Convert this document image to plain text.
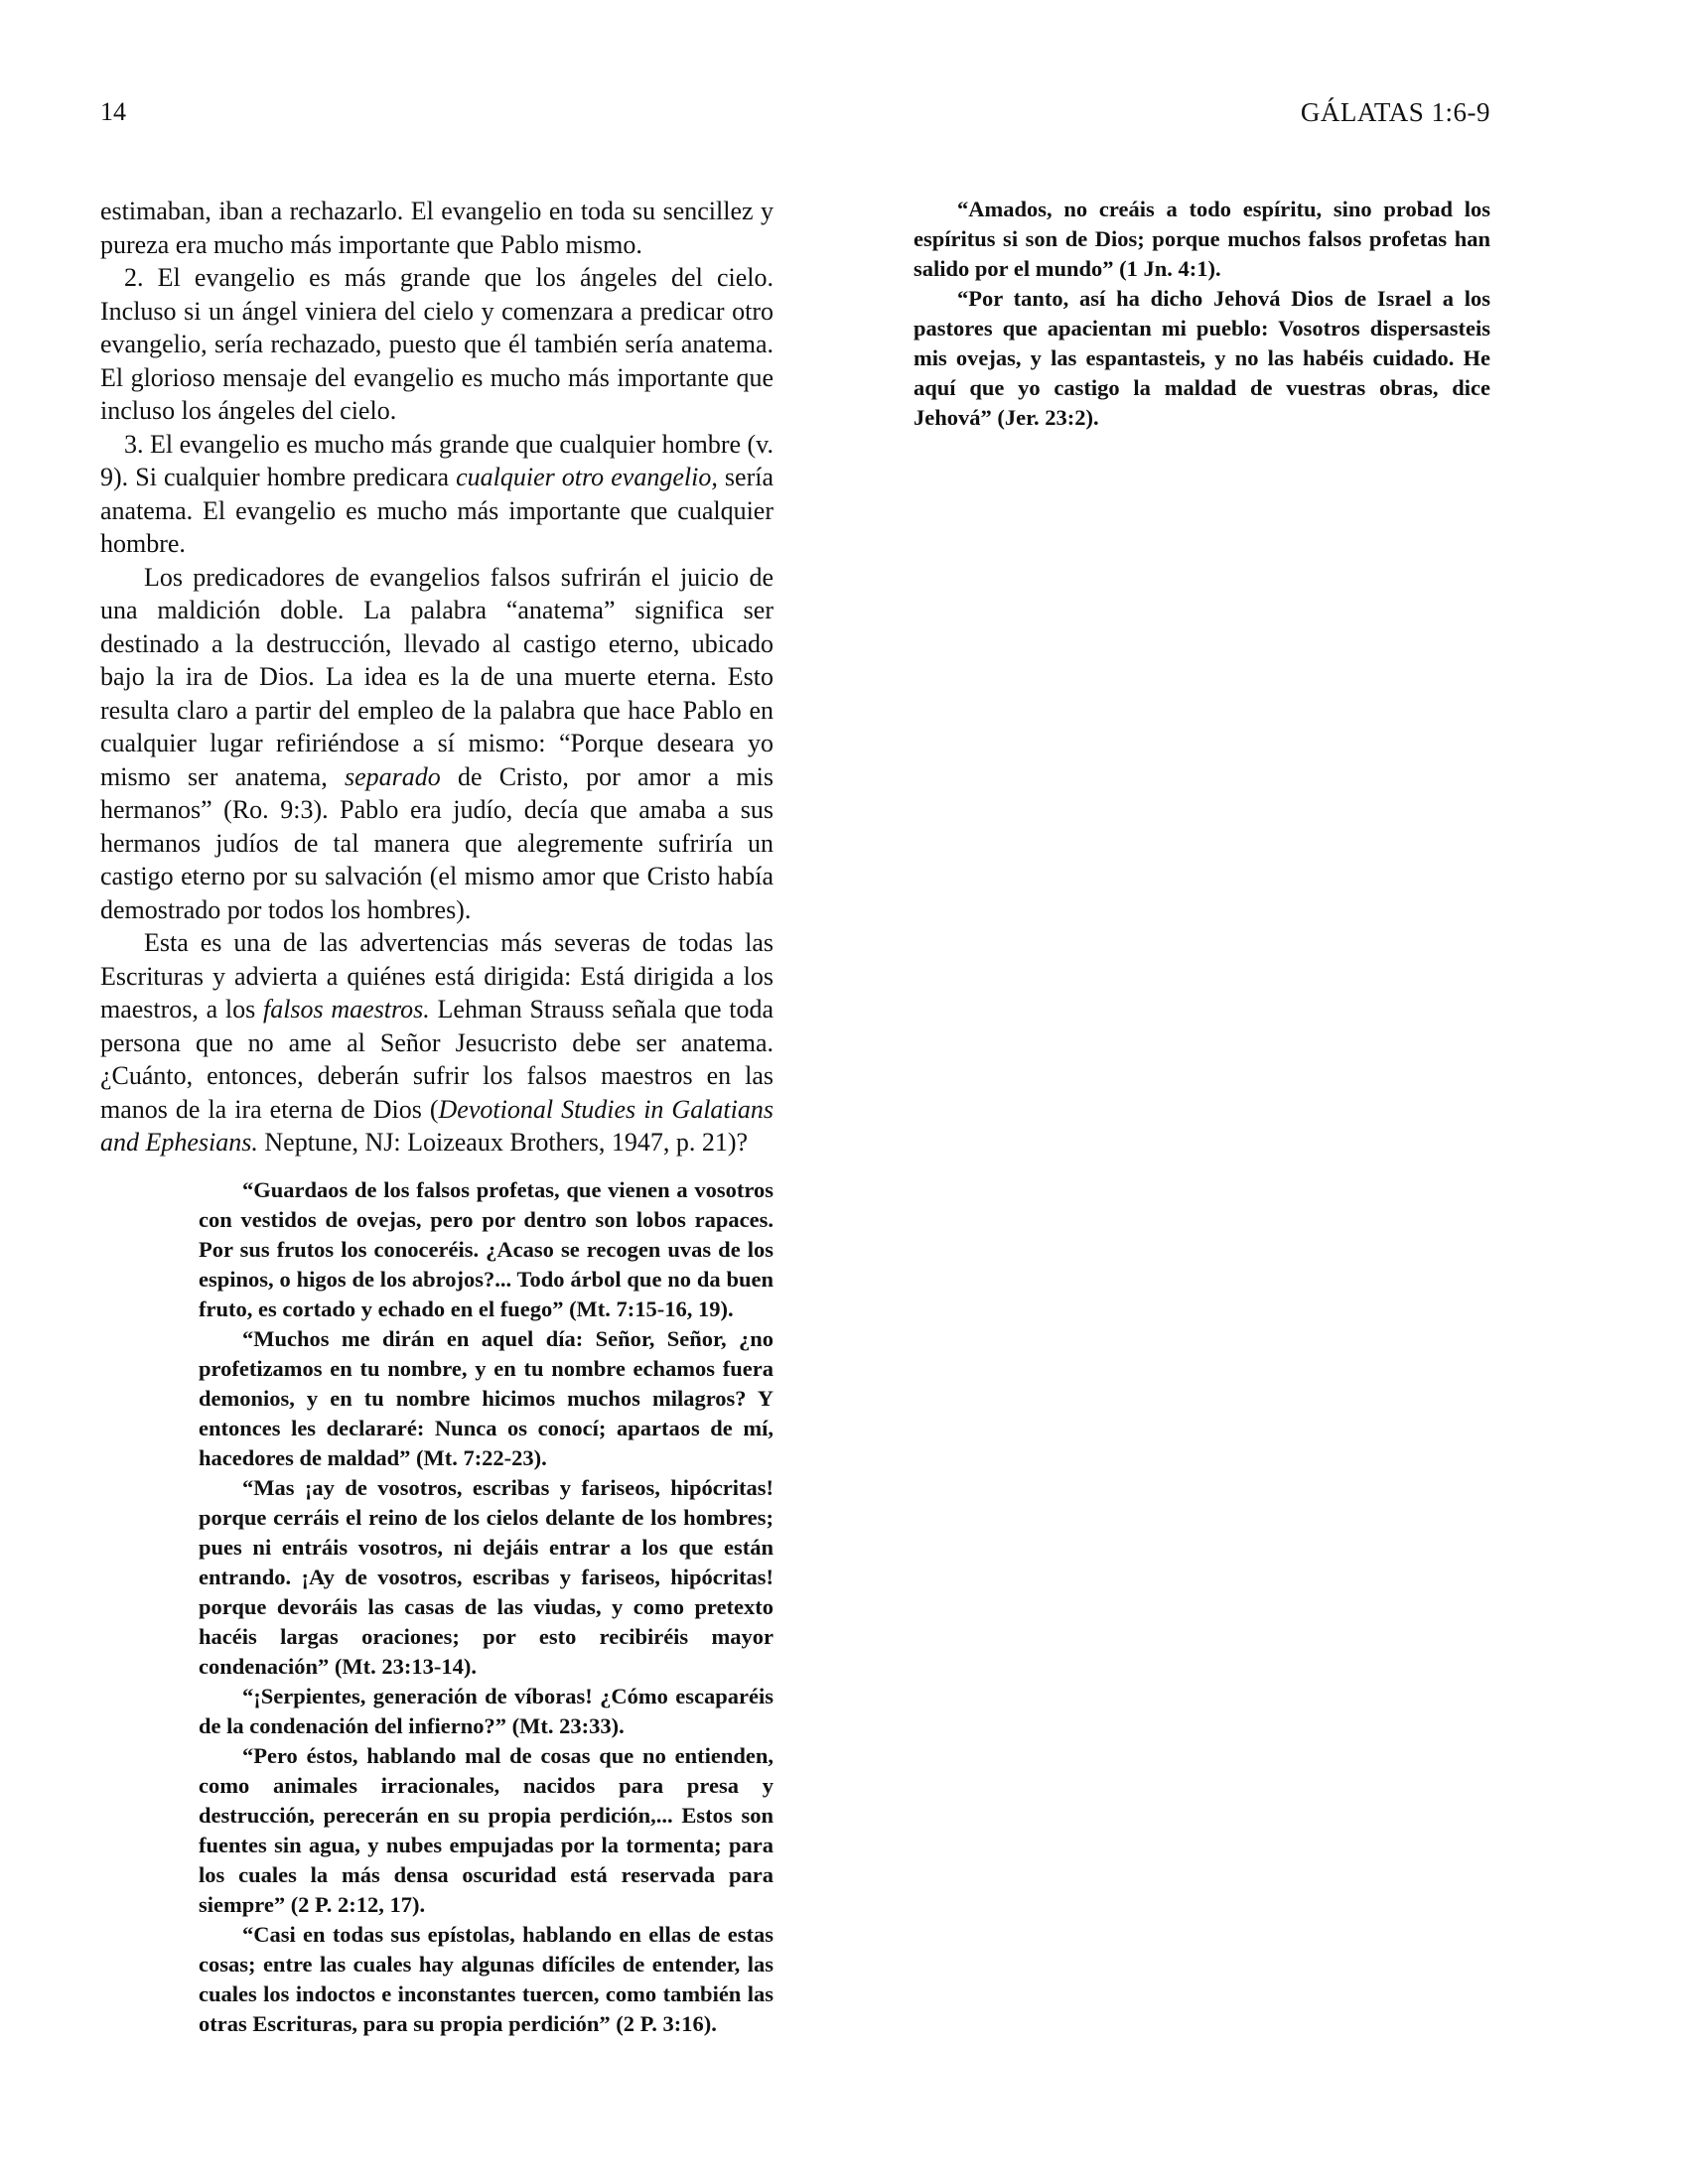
14	GÁLATAS 1:6-9

estimaban, iban a rechazarlo. El evangelio en toda su sencillez y pureza era mucho más importante que Pablo mismo.

2. El evangelio es más grande que los ángeles del cielo. Incluso si un ángel viniera del cielo y comenzara a predicar otro evangelio, sería rechazado, puesto que él también sería anatema. El glorioso mensaje del evangelio es mucho más importante que incluso los ángeles del cielo.

3. El evangelio es mucho más grande que cualquier hombre (v. 9). Si cualquier hombre predicara cualquier otro evangelio, sería anatema. El evangelio es mucho más importante que cualquier hombre.

Los predicadores de evangelios falsos sufrirán el juicio de una maldición doble. La palabra “anatema” significa ser destinado a la destrucción, llevado al castigo eterno, ubicado bajo la ira de Dios. La idea es la de una muerte eterna. Esto resulta claro a partir del empleo de la palabra que hace Pablo en cualquier lugar refiriéndose a sí mismo: “Porque deseara yo mismo ser anatema, separado de Cristo, por amor a mis hermanos” (Ro. 9:3). Pablo era judío, decía que amaba a sus hermanos judíos de tal manera que alegremente sufriría un castigo eterno por su salvación (el mismo amor que Cristo había demostrado por todos los hombres).

Esta es una de las advertencias más severas de todas las Escrituras y advierta a quiénes está dirigida: Está dirigida a los maestros, a los falsos maestros. Lehman Strauss señala que toda persona que no ame al Señor Jesucristo debe ser anatema. ¿Cuánto, entonces, deberán sufrir los falsos maestros en las manos de la ira eterna de Dios (Devotional Studies in Galatians and Ephesians. Neptune, NJ: Loizeaux Brothers, 1947, p. 21)?

“Guardaos de los falsos profetas, que vienen a vosotros con vestidos de ovejas, pero por dentro son lobos rapaces. Por sus frutos los conoceréis. ¿Acaso se recogen uvas de los espinos, o higos de los abrojos?... Todo árbol que no da buen fruto, es cortado y echado en el fuego” (Mt. 7:15-16, 19).

“Muchos me dirán en aquel día: Señor, Señor, ¿no profetizamos en tu nombre, y en tu nombre echamos fuera demonios, y en tu nombre hicimos muchos milagros? Y entonces les declararé: Nunca os conocí; apartaos de mí, hacedores de maldad” (Mt. 7:22-23).

“Mas ¡ay de vosotros, escribas y fariseos, hipócritas! porque cerráis el reino de los cielos delante de los hombres; pues ni entráis vosotros, ni dejáis entrar a los que están entrando. ¡Ay de vosotros, escribas y fariseos, hipócritas! porque devoráis las casas de las viudas, y como pretexto hacéis largas oraciones; por esto recibiréis mayor condenación” (Mt. 23:13-14).

“¡Serpientes, generación de víboras! ¿Cómo escaparéis de la condenación del infierno?” (Mt. 23:33).

“Pero éstos, hablando mal de cosas que no entienden, como animales irracionales, nacidos para presa y destrucción, perecerán en su propia perdición,... Estos son fuentes sin agua, y nubes empujadas por la tormenta; para los cuales la más densa oscuridad está reservada para siempre” (2 P. 2:12, 17).

“Casi en todas sus epístolas, hablando en ellas de estas cosas; entre las cuales hay algunas difíciles de entender, las cuales los indoctos e inconstantes tuercen, como también las otras Escrituras, para su propia perdición” (2 P. 3:16).

“Amados, no creáis a todo espíritu, sino probad los espíritus si son de Dios; porque muchos falsos profetas han salido por el mundo” (1 Jn. 4:1).

“Por tanto, así ha dicho Jehová Dios de Israel a los pastores que apacientan mi pueblo: Vosotros dispersasteis mis ovejas, y las espantasteis, y no las habéis cuidado. He aquí que yo castigo la maldad de vuestras obras, dice Jehová” (Jer. 23:2).
